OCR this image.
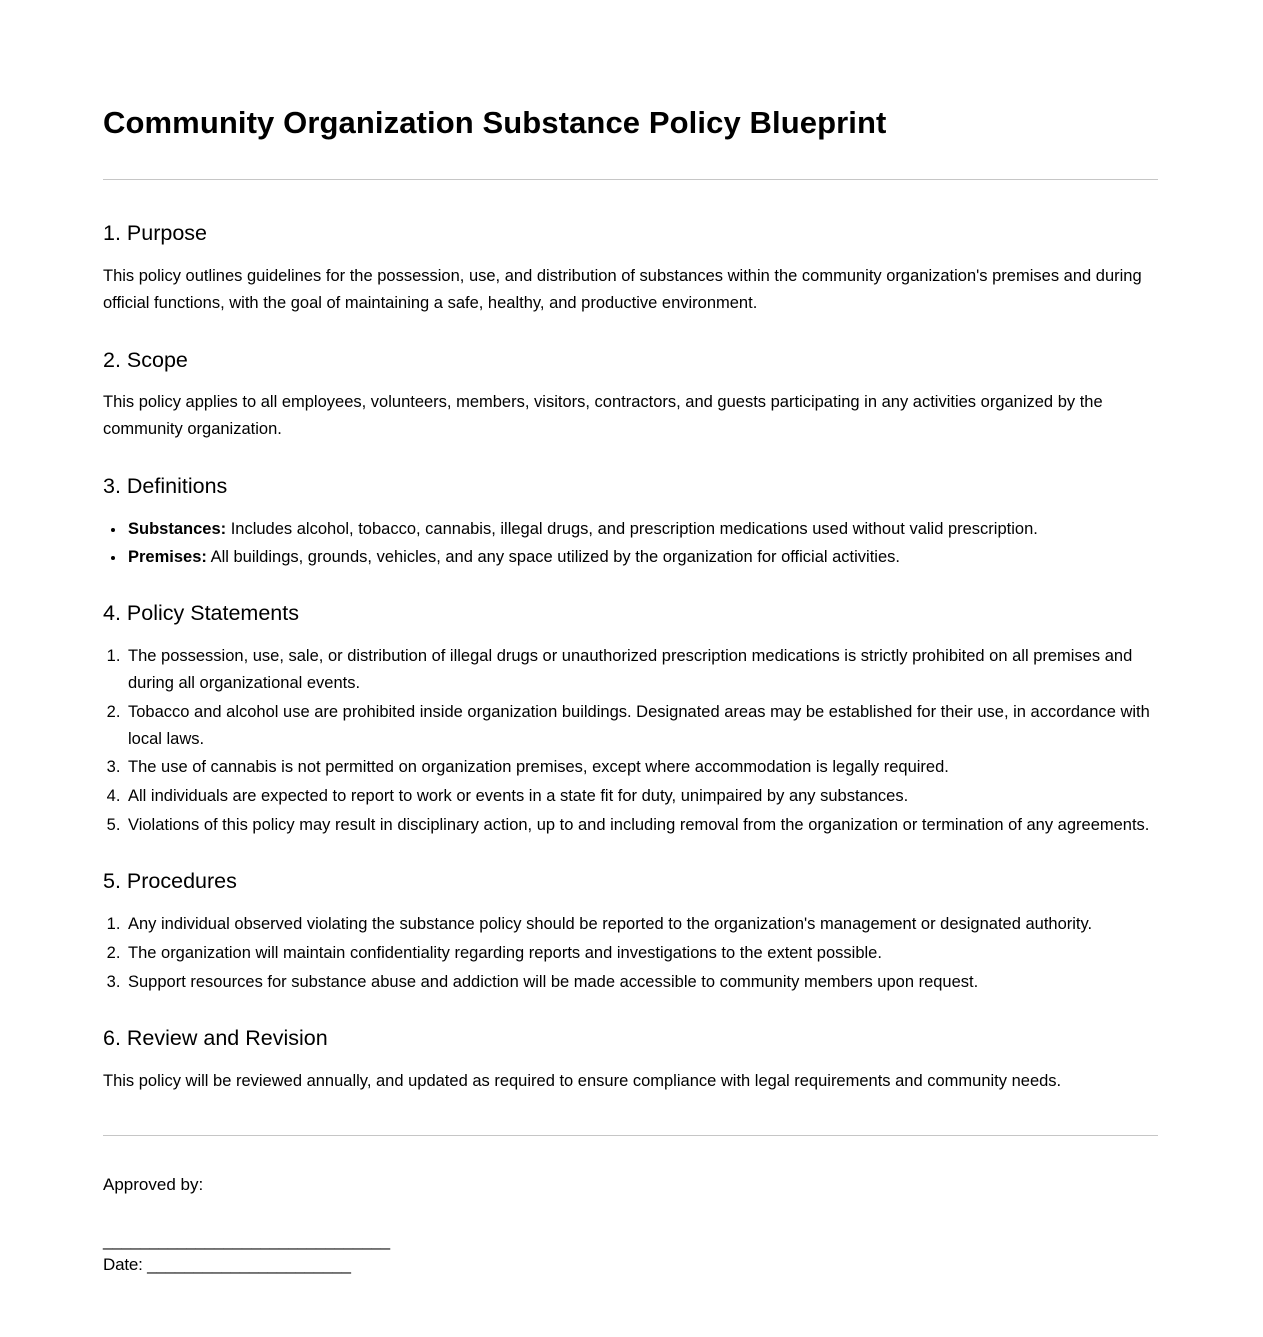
Community Organization Substance Policy Blueprint
1. Purpose

This policy outlines guidelines for the possession, use, and distribution of substances within the community organization's premises and during official functions, with the goal of maintaining a safe, healthy, and productive environment.

2. Scope

This policy applies to all employees, volunteers, members, visitors, contractors, and guests participating in any activities organized by the community organization.

3. Definitions
• Substances: Includes alcohol, tobacco, cannabis, illegal drugs, and prescription medications used without valid prescription.
• Premises: All buildings, grounds, vehicles, and any space utilized by the organization for official activities.
4. Policy Statements
1. The possession, use, sale, or distribution of illegal drugs or unauthorized prescription medications is strictly prohibited on all premises and during all organizational events.
2. Tobacco and alcohol use are prohibited inside organization buildings. Designated areas may be established for their use, in accordance with local laws.
3. The use of cannabis is not permitted on organization premises, except where accommodation is legally required.
4. All individuals are expected to report to work or events in a state fit for duty, unimpaired by any substances.
5. Violations of this policy may result in disciplinary action, up to and including removal from the organization or termination of any agreements.
5. Procedures
1. Any individual observed violating the substance policy should be reported to the organization's management or designated authority.
2. The organization will maintain confidentiality regarding reports and investigations to the extent possible.
3. Support resources for substance abuse and addiction will be made accessible to community members upon request.
6. Review and Revision

This policy will be reviewed annually, and updated as required to ensure compliance with legal requirements and community needs.

Approved by:

_______________________________

Date: ______________________
